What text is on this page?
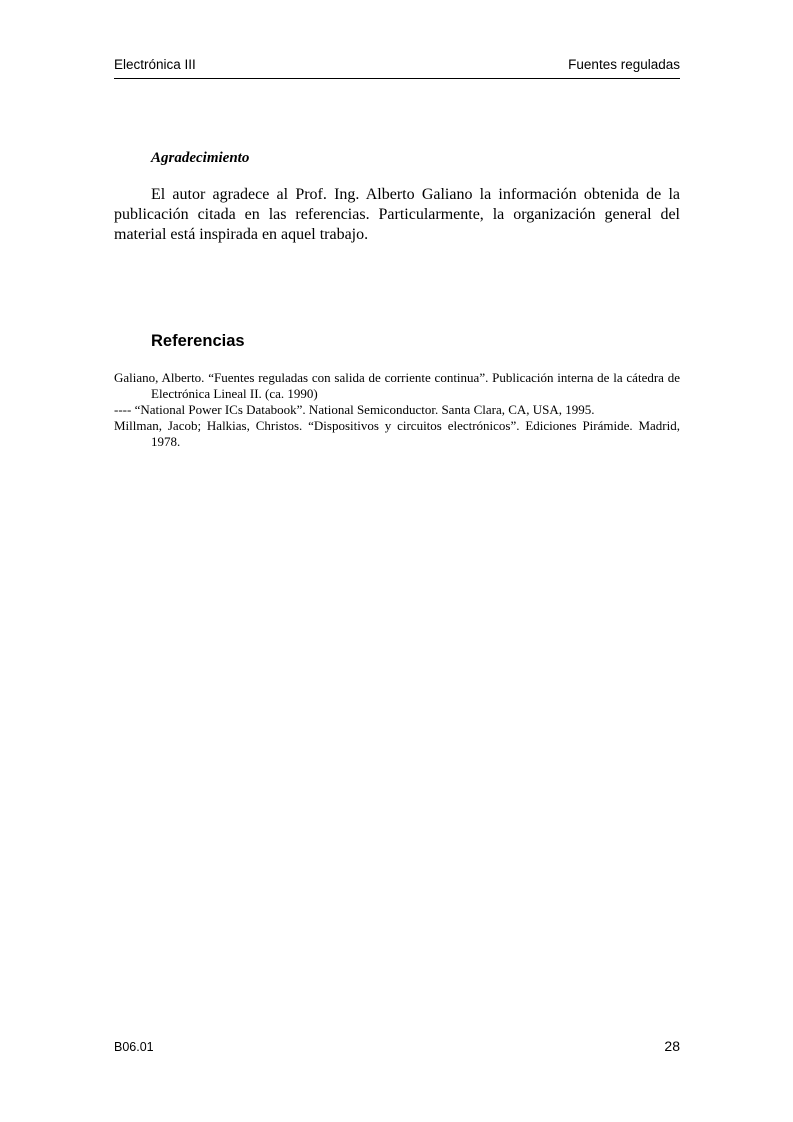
Electrónica III	Fuentes reguladas
Agradecimiento

El autor agradece al Prof. Ing. Alberto Galiano la información obtenida de la publicación citada en las referencias. Particularmente, la organización general del material está inspirada en aquel trabajo.

Referencias
Galiano, Alberto. “Fuentes reguladas con salida de corriente continua”. Publicación interna de la cátedra de Electrónica Lineal II. (ca. 1990)
---- “National Power ICs Databook”. National Semiconductor. Santa Clara, CA, USA, 1995.
Millman, Jacob; Halkias, Christos. “Dispositivos y circuitos electrónicos”. Ediciones Pirámide. Madrid, 1978.
B06.01	28
